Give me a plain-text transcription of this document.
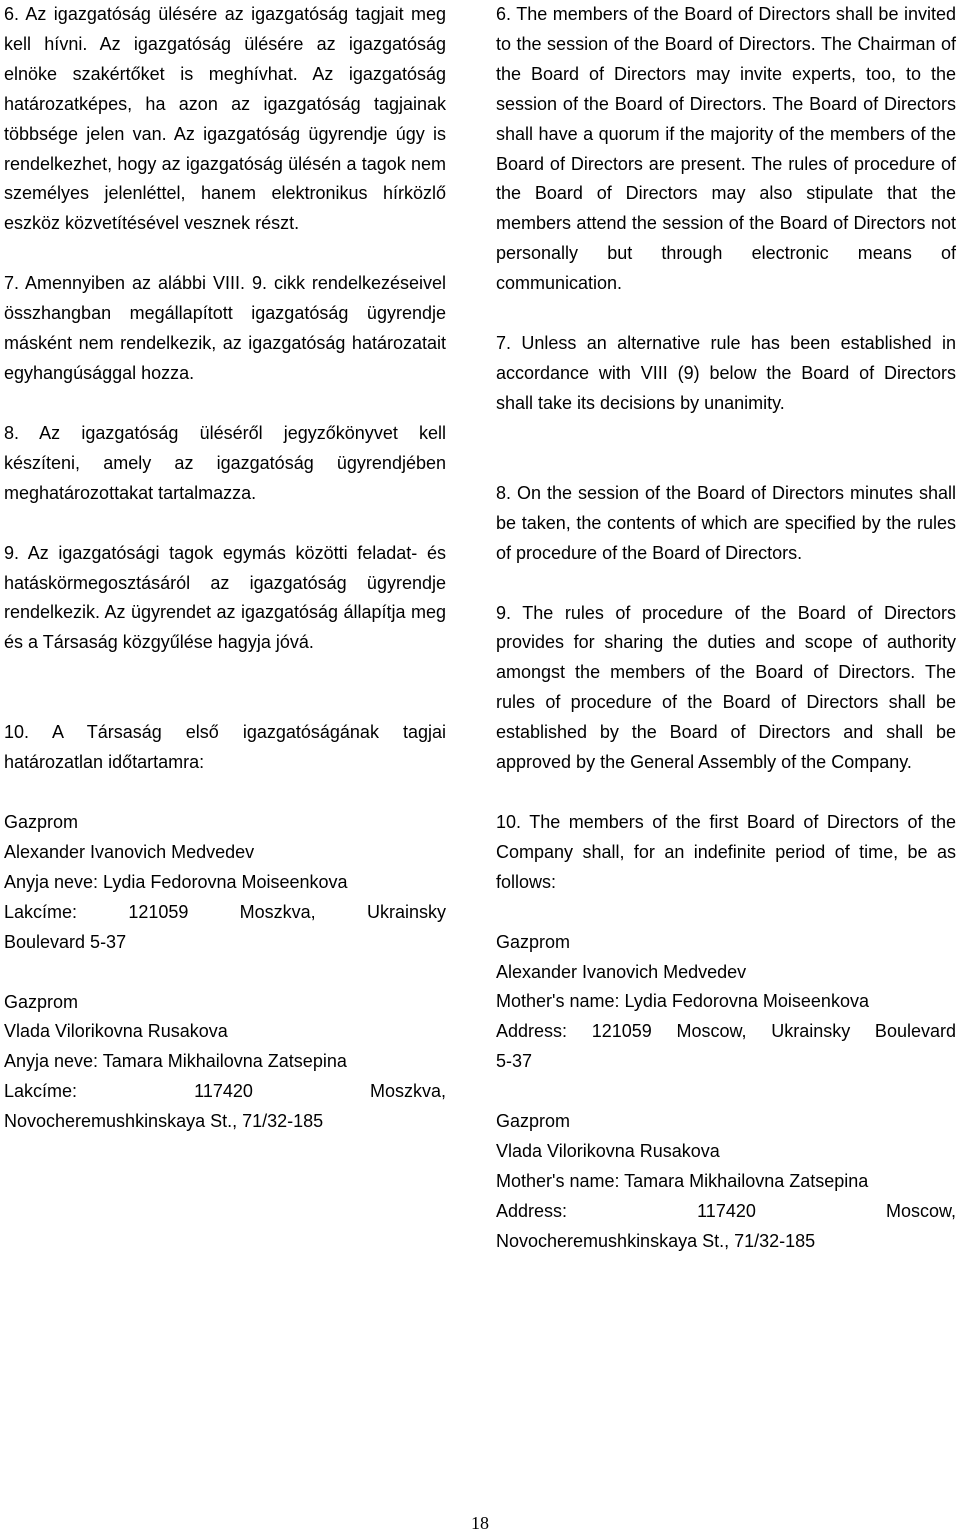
6. Az igazgatóság ülésére az igazgatóság tagjait meg kell hívni. Az igazgatóság ülésére az igazgatóság elnöke szakértőket is meghívhat. Az igazgatóság határozatképes, ha azon az igazgatóság tagjainak többsége jelen van. Az igazgatóság ügyrendje úgy is rendelkezhet, hogy az igazgatóság ülésén a tagok nem személyes jelenléttel, hanem elektronikus hírközlő eszköz közvetítésével vesznek részt.

7. Amennyiben az alábbi VIII. 9. cikk rendelkezéseivel összhangban megállapított igazgatóság ügyrendje másként nem rendelkezik, az igazgatóság határozatait egyhangúsággal hozza.

8. Az igazgatóság üléséről jegyzőkönyvet kell készíteni, amely az igazgatóság ügyrendjében meghatározottakat tartalmazza.

9. Az igazgatósági tagok egymás közötti feladat- és hatáskörmegosztásáról az igazgatóság ügyrendje rendelkezik. Az ügyrendet az igazgatóság állapítja meg és a Társaság közgyűlése hagyja jóvá.

10. A Társaság első igazgatóságának tagjai határozatlan időtartamra:

Gazprom
Alexander Ivanovich Medvedev
Anyja neve: Lydia Fedorovna Moiseenkova
Lakcíme: 121059 Moszkva, Ukrainsky
Boulevard 5-37
Gazprom
Vlada Vilorikovna Rusakova
Anyja neve: Tamara Mikhailovna Zatsepina
Lakcíme: 117420 Moszkva,
Novocheremushkinskaya St., 71/32-185

6. The members of the Board of Directors shall be invited to the session of the Board of Directors. The Chairman of the Board of Directors may invite experts, too, to the session of the Board of Directors. The Board of Directors shall have a quorum if the majority of the members of the Board of Directors are present. The rules of procedure of the Board of Directors may also stipulate that the members attend the session of the Board of Directors not personally but through electronic means of communication.

7. Unless an alternative rule has been established in accordance with VIII (9) below the Board of Directors shall take its decisions by unanimity.

8. On the session of the Board of Directors minutes shall be taken, the contents of which are specified by the rules of procedure of the Board of Directors.

9. The rules of procedure of the Board of Directors provides for sharing the duties and scope of authority amongst the members of the Board of Directors. The rules of procedure of the Board of Directors shall be established by the Board of Directors and shall be approved by the General Assembly of the Company.

10. The members of the first Board of Directors of the Company shall, for an indefinite period of time, be as follows:

Gazprom
Alexander Ivanovich Medvedev
Mother's name: Lydia Fedorovna Moiseenkova
Address: 121059 Moscow, Ukrainsky Boulevard
5-37
Gazprom
Vlada Vilorikovna Rusakova
Mother's name: Tamara Mikhailovna Zatsepina
Address: 117420 Moscow,
Novocheremushkinskaya St., 71/32-185
18
